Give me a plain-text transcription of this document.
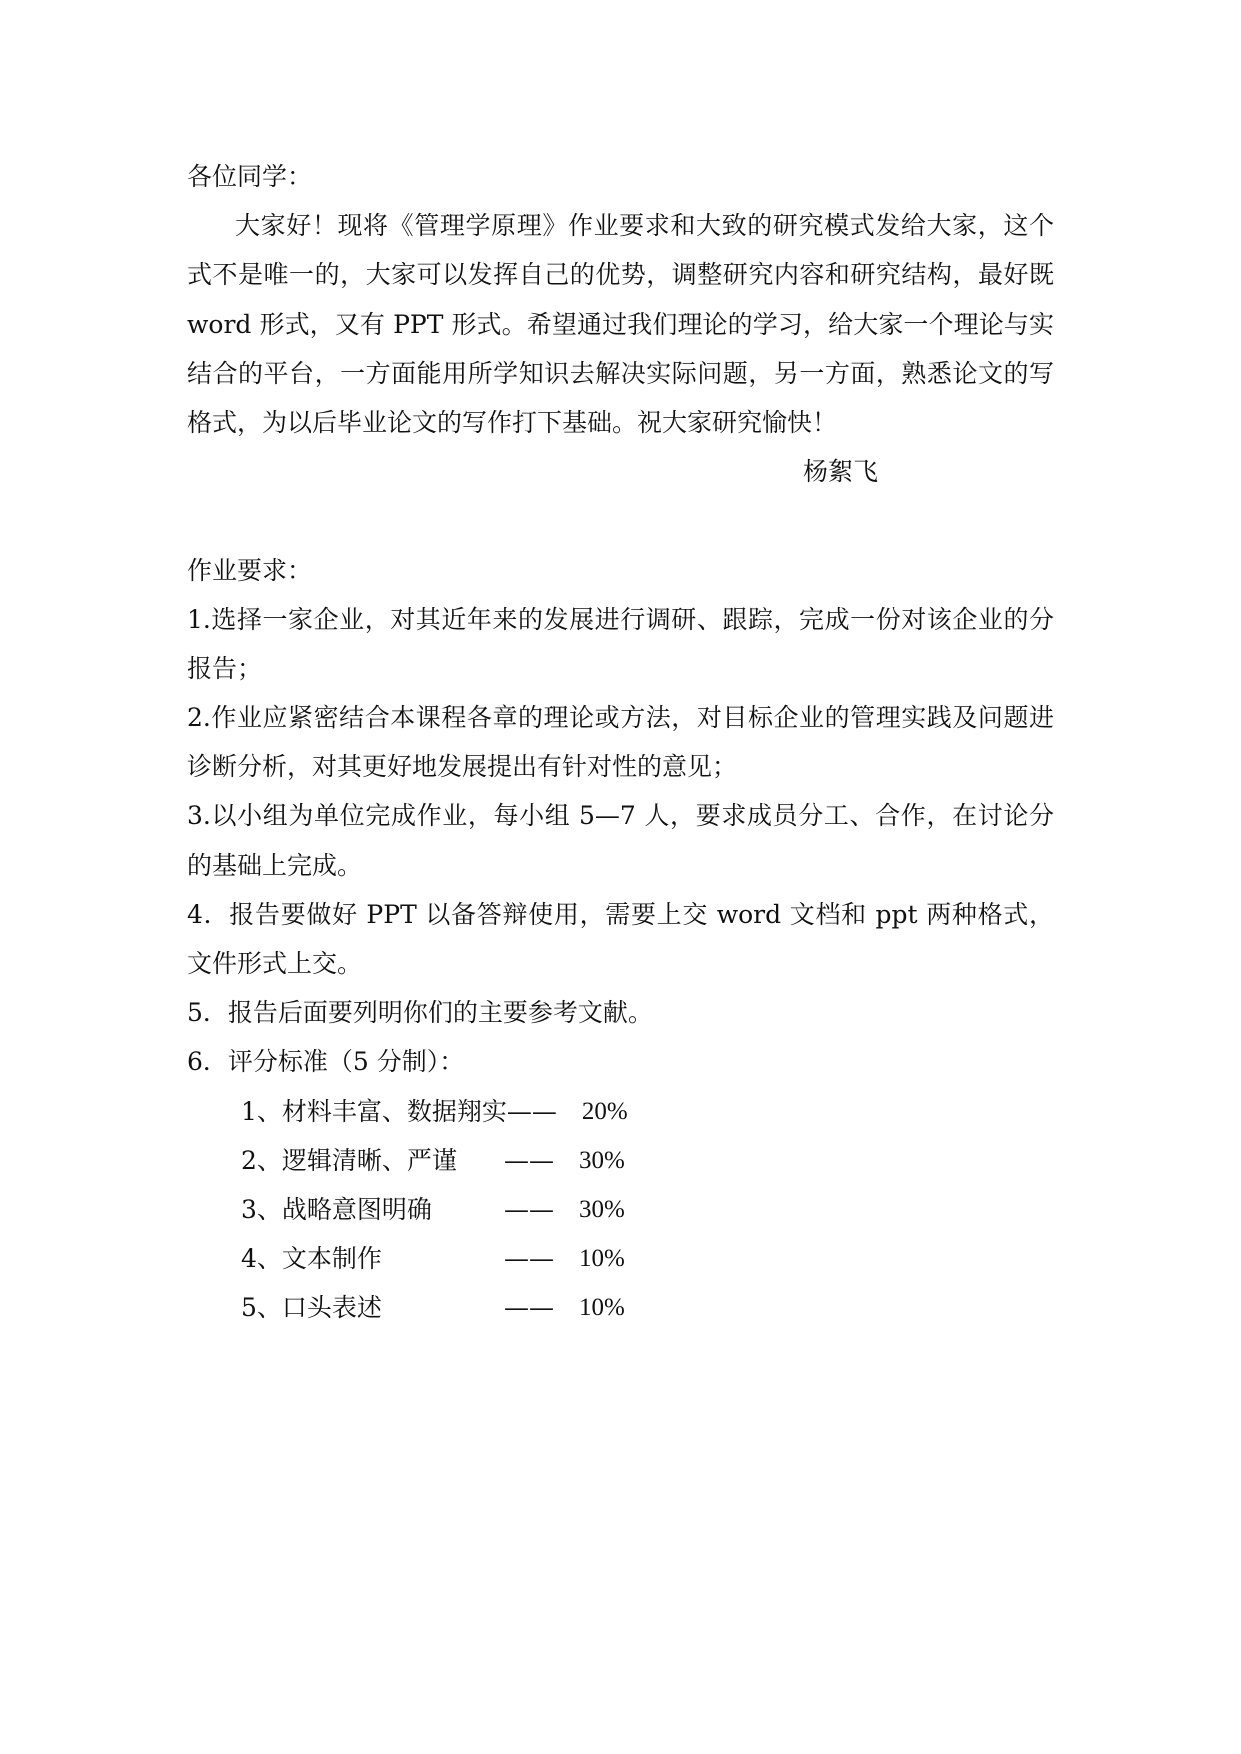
各位同学：
大家好！现将《管理学原理》作业要求和大致的研究模式发给大家，这个
式不是唯一的，大家可以发挥自己的优势，调整研究内容和研究结构，最好既
word 形式，又有 PPT 形式。希望通过我们理论的学习，给大家一个理论与实
结合的平台，一方面能用所学知识去解决实际问题，另一方面，熟悉论文的写
格式，为以后毕业论文的写作打下基础。祝大家研究愉快！
杨絮飞
作业要求：
1.选择一家企业，对其近年来的发展进行调研、跟踪，完成一份对该企业的分
报告；
2.作业应紧密结合本课程各章的理论或方法，对目标企业的管理实践及问题进
诊断分析，对其更好地发展提出有针对性的意见；
3.以小组为单位完成作业，每小组 5—7 人，要求成员分工、合作，在讨论分
的基础上完成。
4．报告要做好 PPT 以备答辩使用，需要上交 word 文档和 ppt 两种格式，
文件形式上交。
5．报告后面要列明你们的主要参考文献。
6．评分标准（5 分制）：
1、材料丰富、数据翔实 ——	20%
2、逻辑清晰、严谨	——	30%
3、战略意图明确	——	30%
4、文本制作	——	10%
5、口头表述	——	10%
